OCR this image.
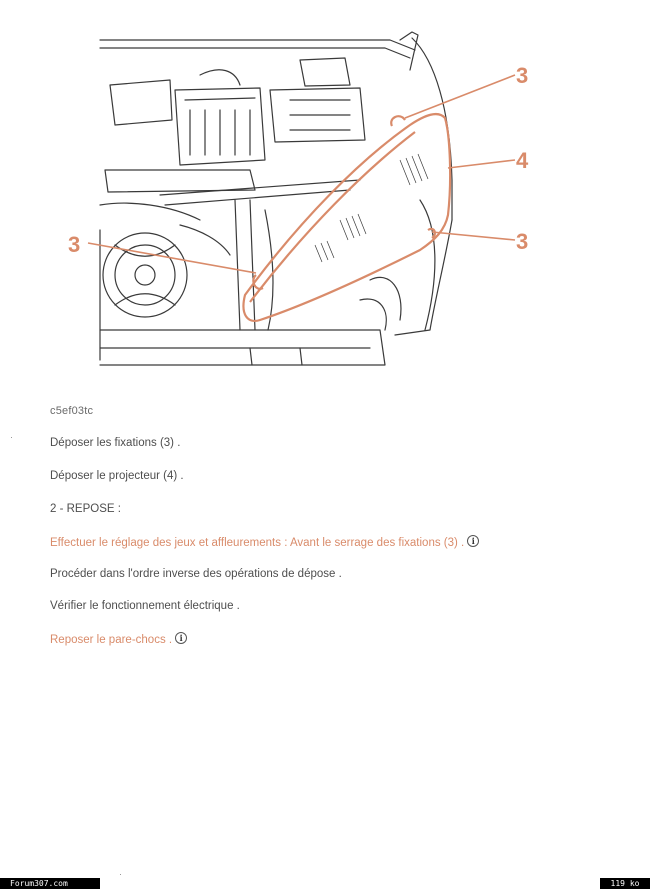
3
4
3
3
c5ef03tc
Déposer les fixations (3) .
Déposer le projecteur (4) .
2 - REPOSE :
Effectuer le réglage des jeux et affleurements : Avant le serrage des fixations (3) . i
Procéder dans l'ordre inverse des opérations de dépose .
Vérifier le fonctionnement électrique .
Reposer le pare-chocs . i
Forum307.com	119 ko
